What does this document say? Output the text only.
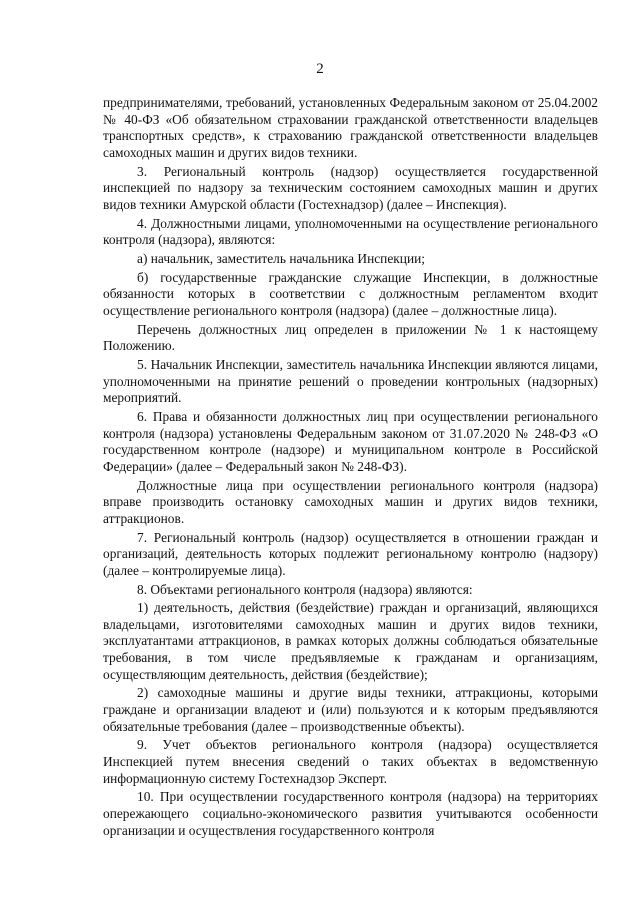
2

предпринимателями, требований, установленных Федеральным законом от 25.04.2002 № 40-ФЗ «Об обязательном страховании гражданской ответственности владельцев транспортных средств», к страхованию гражданской ответственности владельцев самоходных машин и других видов техники.

3. Региональный контроль (надзор) осуществляется государственной инспекцией по надзору за техническим состоянием самоходных машин и других видов техники Амурской области (Гостехнадзор) (далее – Инспекция).

4. Должностными лицами, уполномоченными на осуществление регионального контроля (надзора), являются:

а) начальник, заместитель начальника Инспекции;

б) государственные гражданские служащие Инспекции, в должностные обязанности которых в соответствии с должностным регламентом входит осуществление регионального контроля (надзора) (далее – должностные лица).

Перечень должностных лиц определен в приложении № 1 к настоящему Положению.

5. Начальник Инспекции, заместитель начальника Инспекции являются лицами, уполномоченными на принятие решений о проведении контрольных (надзорных) мероприятий.

6. Права и обязанности должностных лиц при осуществлении регионального контроля (надзора) установлены Федеральным законом от 31.07.2020 № 248-ФЗ «О государственном контроле (надзоре) и муниципальном контроле в Российской Федерации» (далее – Федеральный закон № 248-ФЗ).

Должностные лица при осуществлении регионального контроля (надзора) вправе производить остановку самоходных машин и других видов техники, аттракционов.

7. Региональный контроль (надзор) осуществляется в отношении граждан и организаций, деятельность которых подлежит региональному контролю (надзору) (далее – контролируемые лица).

8. Объектами регионального контроля (надзора) являются:

1) деятельность, действия (бездействие) граждан и организаций, являющихся владельцами, изготовителями самоходных машин и других видов техники, эксплуатантами аттракционов, в рамках которых должны соблюдаться обязательные требования, в том числе предъявляемые к гражданам и организациям, осуществляющим деятельность, действия (бездействие);

2) самоходные машины и другие виды техники, аттракционы, которыми граждане и организации владеют и (или) пользуются и к которым предъявляются обязательные требования (далее – производственные объекты).

9. Учет объектов регионального контроля (надзора) осуществляется Инспекцией путем внесения сведений о таких объектах в ведомственную информационную систему Гостехнадзор Эксперт.

10. При осуществлении государственного контроля (надзора) на территориях опережающего социально-экономического развития учитываются особенности организации и осуществления государственного контроля
